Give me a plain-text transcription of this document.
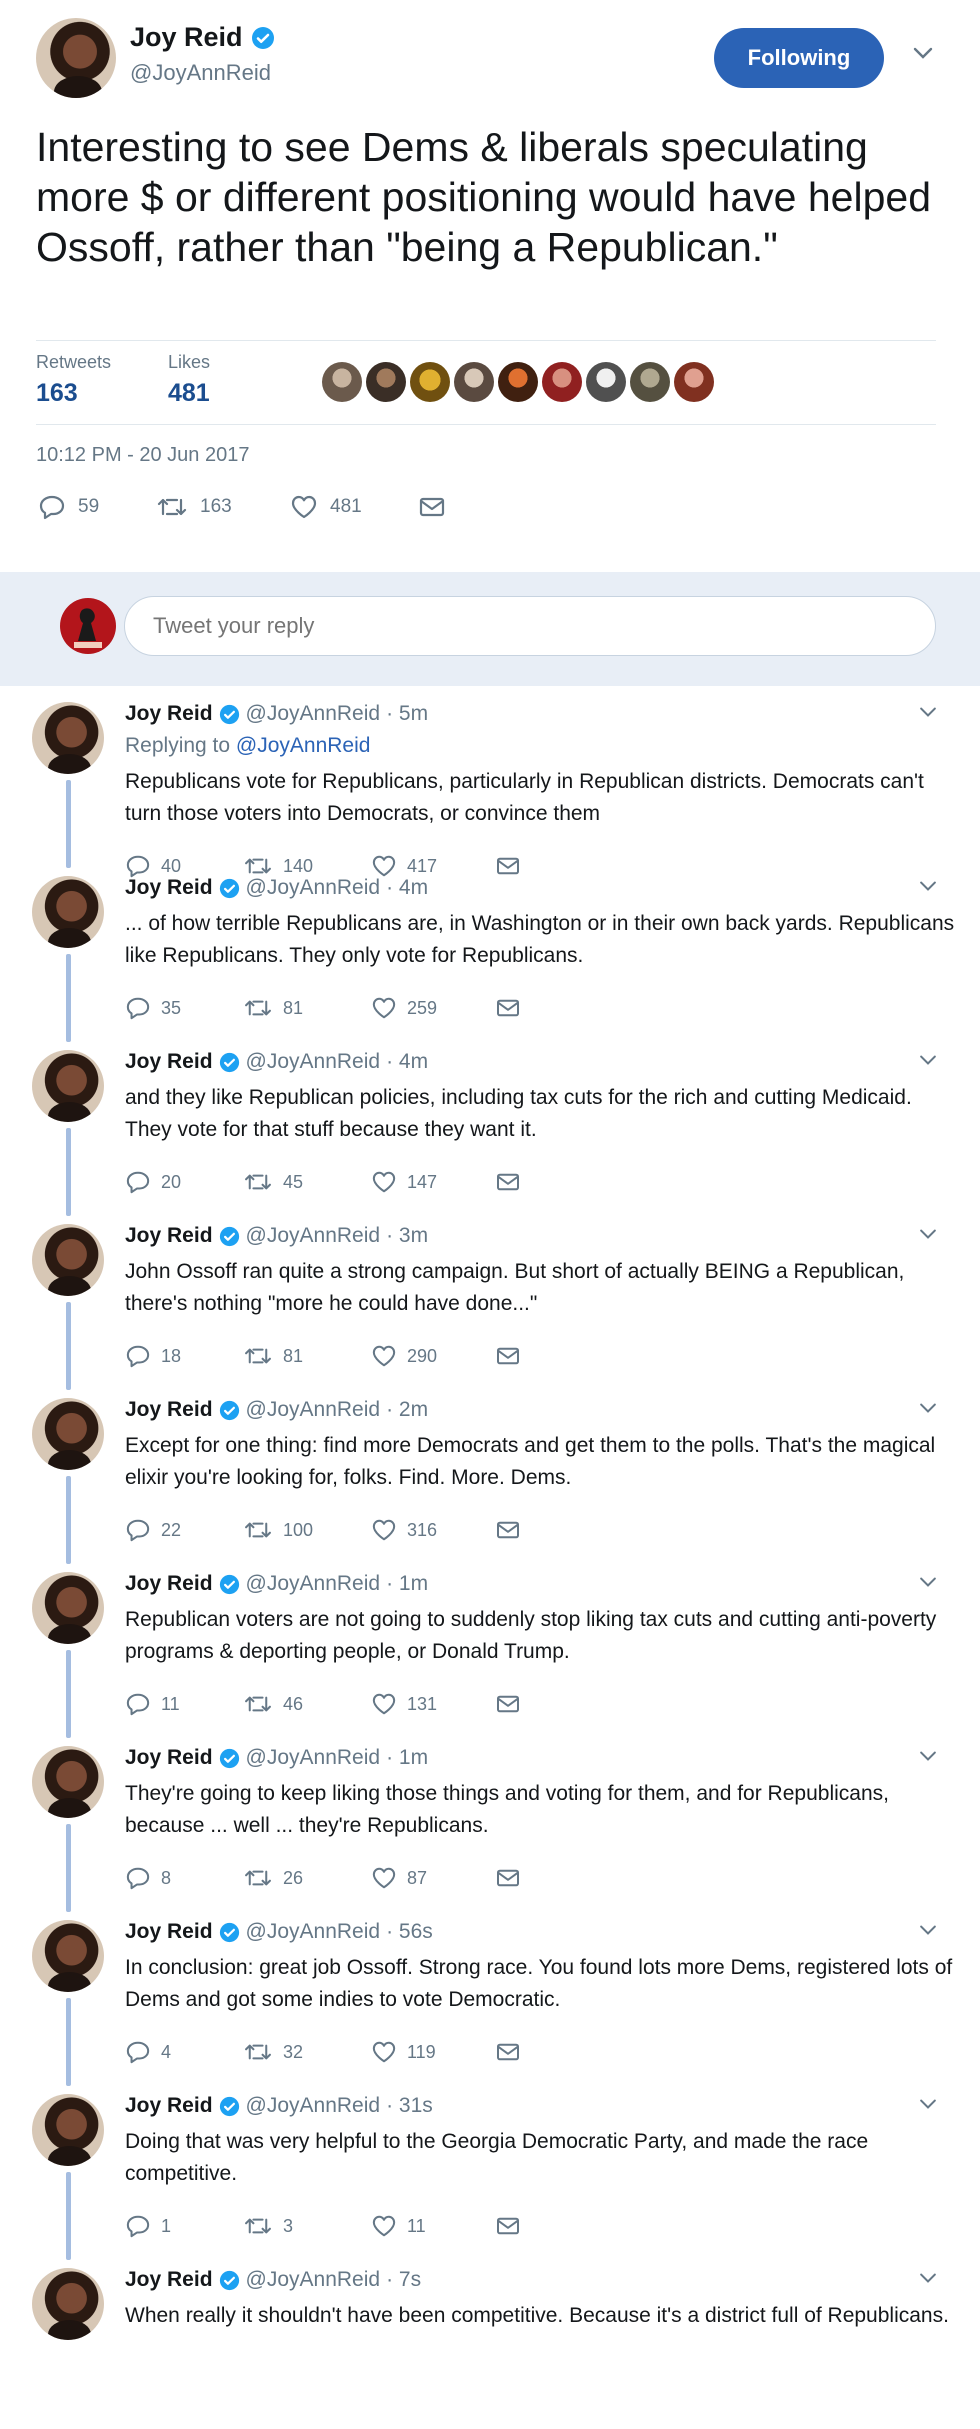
Joy Reid
@JoyAnnReid
Following
Interesting to see Dems & liberals speculating more $ or different positioning would have helped Ossoff, rather than "being a Republican."
Retweets
163
Likes
481
10:12 PM - 20 Jun 2017
59	163	481
Tweet your reply
Joy Reid @JoyAnnReid · 5m
Replying to @JoyAnnReid
Republicans vote for Republicans, particularly in Republican districts. Democrats can't turn those voters into Democrats, or convince them
40	140	417
Joy Reid @JoyAnnReid · 4m
... of how terrible Republicans are, in Washington or in their own back yards. Republicans like Republicans. They only vote for Republicans.
35	81	259
Joy Reid @JoyAnnReid · 4m
and they like Republican policies, including tax cuts for the rich and cutting Medicaid. They vote for that stuff because they want it.
20	45	147
Joy Reid @JoyAnnReid · 3m
John Ossoff ran quite a strong campaign. But short of actually BEING a Republican, there's nothing "more he could have done..."
18	81	290
Joy Reid @JoyAnnReid · 2m
Except for one thing: find more Democrats and get them to the polls. That's the magical elixir you're looking for, folks. Find. More. Dems.
22	100	316
Joy Reid @JoyAnnReid · 1m
Republican voters are not going to suddenly stop liking tax cuts and cutting anti-poverty programs & deporting people, or Donald Trump.
11	46	131
Joy Reid @JoyAnnReid · 1m
They're going to keep liking those things and voting for them, and for Republicans, because ... well ... they're Republicans.
8	26	87
Joy Reid @JoyAnnReid · 56s
In conclusion: great job Ossoff. Strong race. You found lots more Dems, registered lots of Dems and got some indies to vote Democratic.
4	32	119
Joy Reid @JoyAnnReid · 31s
Doing that was very helpful to the Georgia Democratic Party, and made the race competitive.
1	3	11
Joy Reid @JoyAnnReid · 7s
When really it shouldn't have been competitive. Because it's a district full of Republicans.
